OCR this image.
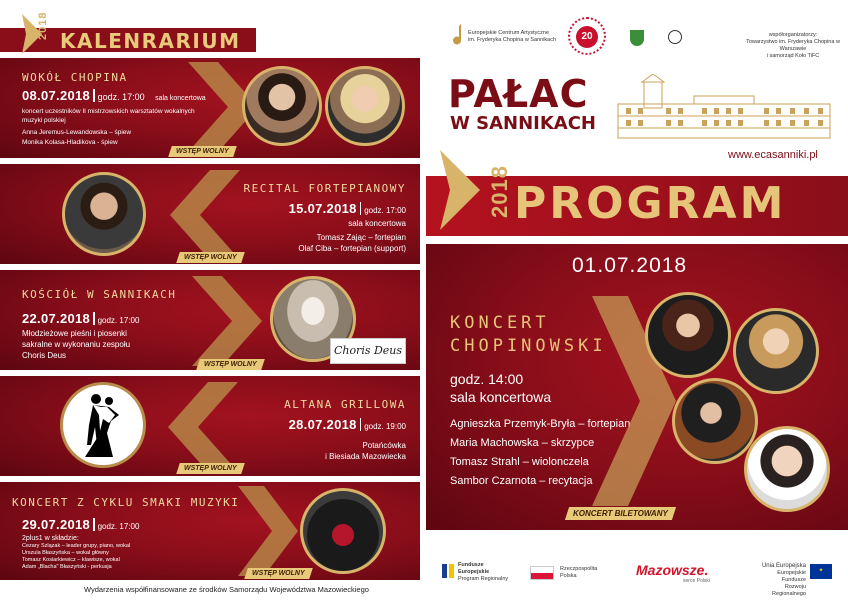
2018
KALENRARIUM
WOKÓŁ CHOPINA
08.07.2018 godz. 17:00 sala koncertowa
koncert uczestników II mistrzowskich warsztatów wokalnych muzyki polskiej
Anna Jeremus-Lewandowska – śpiew
Monika Kolasa-Hladikova - śpiew
WSTĘP WOLNY
RECITAL FORTEPIANOWY
15.07.2018 godz. 17:00
sala koncertowa
Tomasz Zając – fortepian
Olaf Ciba – fortepian (support)
WSTĘP WOLNY
KOŚCIÓŁ W SANNIKACH
22.07.2018 godz. 17:00
Młodzieżowe pieśni i piosenki sakralne w wykonaniu zespołu Choris Deus	Choris Deus
WSTĘP WOLNY
ALTANA GRILLOWA
28.07.2018 godz. 19:00
Potańcówka
i Biesiada Mazowiecka
WSTĘP WOLNY
KONCERT Z CYKLU SMAKI MUZYKI
29.07.2018 godz. 17:00
2plus1 w składzie:
Cezary Szlązak – leader grupy, piano, wokal
Urszula Błaszyńska – wokal główny
Tomasz Kosiarkiewicz – klawisze, wokal
Adam „Blacha" Błaszyński - perkusja
WSTĘP WOLNY
Wydarzenia współfinansowane ze środków Samorządu Województwa Mazowieckiego
Europejskie Centrum Artystyczne
im. Fryderyka Chopina w Sannikach	20	współorganizatorzy:
Towarzystwo im. Fryderyka Chopina w Warszawie
i samorząd Koło TiFC
PAŁAC
W SANNIKACH
www.ecasanniki.pl
2018 PROGRAM
01.07.2018
KONCERT
CHOPINOWSKI
godz. 14:00
sala koncertowa
Agnieszka Przemyk-Bryła – fortepian
Maria Machowska – skrzypce
Tomasz Strahl – wiolonczela
Sambor Czarnota – recytacja
KONCERT BILETOWANY
Fundusze
Europejskie
Program Regionalny
Rzeczpospolita
Polska	Mazowsze.
serce Polski
Unia Europejska
Europejskie Fundusze
Rozwoju Regionalnego
✦
